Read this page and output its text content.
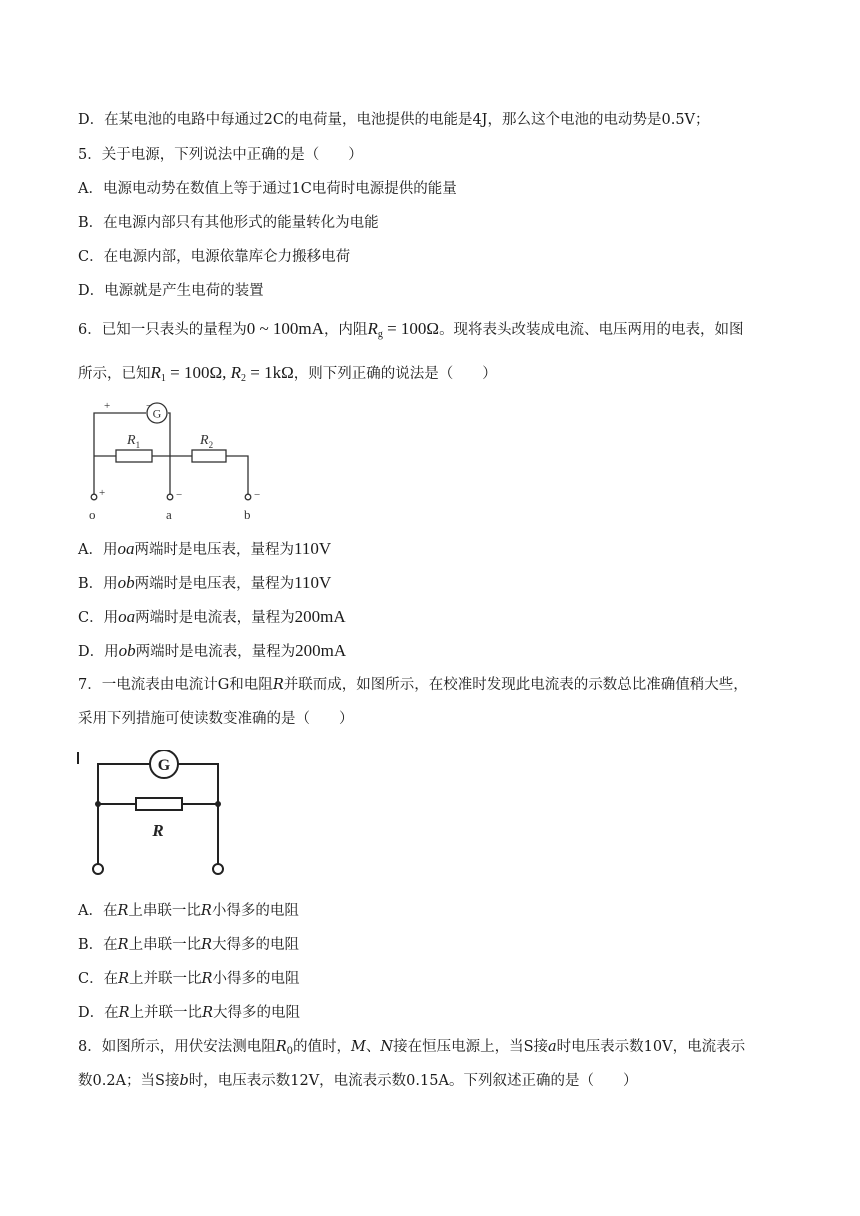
D．在某电池的电路中每通过2C的电荷量，电池提供的电能是4J，那么这个电池的电动势是0.5V；
5．关于电源，下列说法中正确的是（　　）
A．电源电动势在数值上等于通过1C电荷时电源提供的能量
B．在电源内部只有其他形式的能量转化为电能
C．在电源内部，电源依靠库仑力搬移电荷
D．电源就是产生电荷的装置
6．已知一只表头的量程为0 ~ 100mA，内阻$R_g = 100\Omega$。现将表头改装成电流、电压两用的电表，如图
所示，已知$R_1 = 100\Omega$, $R_2 = 1k\Omega$，则下列正确的说法是（　　）
G
+	−
$R_1$	$R_2$
+	−	−
o	a	b
A．用oa两端时是电压表，量程为110V
B．用ob两端时是电压表，量程为110V
C．用oa两端时是电流表，量程为200mA
D．用ob两端时是电流表，量程为200mA
7．一电流表由电流计G和电阻R并联而成，如图所示，在校准时发现此电流表的示数总比准确值稍大些，
采用下列措施可使读数变准确的是（　　）
G
R
A．在R上串联一比R小得多的电阻
B．在R上串联一比R大得多的电阻
C．在R上并联一比R小得多的电阻
D．在R上并联一比R大得多的电阻
8．如图所示，用伏安法测电阻$R_0$的值时，M、N接在恒压电源上，当S接a时电压表示数10V，电流表示
数0.2A；当S接b时，电压表示数12V，电流表示数0.15A。下列叙述正确的是（　　）
